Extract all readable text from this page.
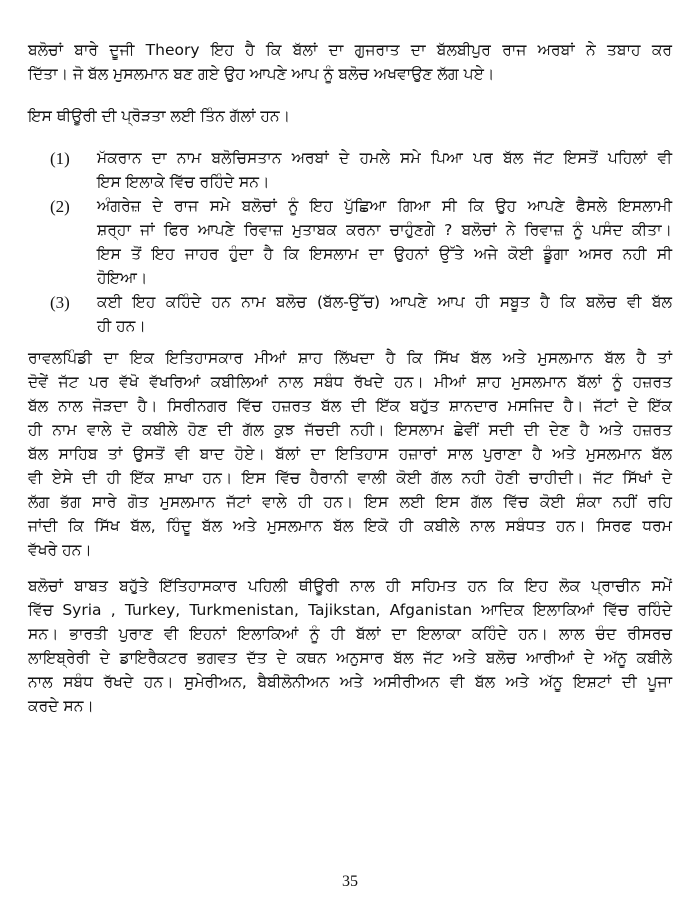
ਬਲੋਚਾਂ ਬਾਰੇ ਦੂਜੀ Theory ਇਹ ਹੈ ਕਿ ਬੱਲਾਂ ਦਾ ਗੁਜਰਾਤ ਦਾ ਬੱਲਬੀਪੁਰ ਰਾਜ ਅਰਬਾਂ ਨੇ ਤਬਾਹ ਕਰ
ਦਿੱਤਾ। ਜੋ ਬੱਲ ਮੁਸਲਮਾਨ ਬਣ ਗਏ ਉਹ ਆਪਣੇ ਆਪ ਨੂੰ ਬਲੋਚ ਅਖਵਾਉਣ ਲੱਗ ਪਏ।
ਇਸ ਥੀਊਰੀ ਦੀ ਪ੍ਰੋੜਤਾ ਲਈ ਤਿੰਨ ਗੱਲਾਂ ਹਨ।
(1) ਮੱਕਰਾਨ ਦਾ ਨਾਮ ਬਲੋਚਿਸਤਾਨ ਅਰਬਾਂ ਦੇ ਹਮਲੇ ਸਮੇ ਪਿਆ ਪਰ ਬੱਲ ਜੱਟ ਇਸਤੋਂ ਪਹਿਲਾਂ ਵੀ
ਇਸ ਇਲਾਕੇ ਵਿੱਚ ਰਹਿੰਦੇ ਸਨ।
(2) ਅੰਗਰੇਜ਼ ਦੇ ਰਾਜ ਸਮੇ ਬਲੋਚਾਂ ਨੂੰ ਇਹ ਪੁੱਛਿਆ ਗਿਆ ਸੀ ਕਿ ਉਹ ਆਪਣੇ ਫੈਸਲੇ ਇਸਲਾਮੀ
ਸ਼ਰ੍ਹਾ ਜਾਂ ਫਿਰ ਆਪਣੇ ਰਿਵਾਜ਼ ਮੁਤਾਬਕ ਕਰਨਾ ਚਾਹੁੰਣਗੇ ? ਬਲੋਚਾਂ ਨੇ ਰਿਵਾਜ਼ ਨੂੰ ਪਸੰਦ ਕੀਤਾ।
ਇਸ ਤੋਂ ਇਹ ਜਾਹਰ ਹੁੰਦਾ ਹੈ ਕਿ ਇਸਲਾਮ ਦਾ ਉਹਨਾਂ ਉੱਤੇ ਅਜੇ ਕੋਈ ਡੂੰਗਾ ਅਸਰ ਨਹੀ ਸੀ
ਹੋਇਆ।
(3) ਕਈ ਇਹ ਕਹਿੰਦੇ ਹਨ ਨਾਮ ਬਲੋਚ (ਬੱਲ-ਉੱਚ) ਆਪਣੇ ਆਪ ਹੀ ਸਬੂਤ ਹੈ ਕਿ ਬਲੋਚ ਵੀ ਬੱਲ
ਹੀ ਹਨ।
ਰਾਵਲਪਿੰਡੀ ਦਾ ਇਕ ਇਤਿਹਾਸਕਾਰ ਮੀਆਂ ਸ਼ਾਹ ਲਿੱਖਦਾ ਹੈ ਕਿ ਸਿੱਖ ਬੱਲ ਅਤੇ ਮੁਸਲਮਾਨ ਬੱਲ ਹੈ ਤਾਂ
ਦੋਵੇਂ ਜੱਟ ਪਰ ਵੱਖੋ ਵੱਖਰਿਆਂ ਕਬੀਲਿਆਂ ਨਾਲ ਸਬੰਧ ਰੱਖਦੇ ਹਨ। ਮੀਆਂ ਸ਼ਾਹ ਮੁਸਲਮਾਨ ਬੱਲਾਂ ਨੂੰ ਹਜ਼ਰਤ
ਬੱਲ ਨਾਲ ਜੋੜਦਾ ਹੈ। ਸਿਰੀਨਗਰ ਵਿੱਚ ਹਜ਼ਰਤ ਬੱਲ ਦੀ ਇੱਕ ਬਹੁੱਤ ਸ਼ਾਨਦਾਰ ਮਸਜਿਦ ਹੈ। ਜੱਟਾਂ ਦੇ ਇੱਕ
ਹੀ ਨਾਮ ਵਾਲੇ ਦੋ ਕਬੀਲੇ ਹੋਣ ਦੀ ਗੱਲ ਕੁਝ ਜੱਚਦੀ ਨਹੀ। ਇਸਲਾਮ ਛੇਵੀਂ ਸਦੀ ਦੀ ਦੇਣ ਹੈ ਅਤੇ ਹਜ਼ਰਤ
ਬੱਲ ਸਾਹਿਬ ਤਾਂ ਉਸਤੋਂ ਵੀ ਬਾਦ ਹੋਏ। ਬੱਲਾਂ ਦਾ ਇਤਿਹਾਸ ਹਜ਼ਾਰਾਂ ਸਾਲ ਪੁਰਾਣਾ ਹੈ ਅਤੇ ਮੁਸਲਮਾਨ ਬੱਲ
ਵੀ ਏਸੇ ਦੀ ਹੀ ਇੱਕ ਸ਼ਾਖਾ ਹਨ। ਇਸ ਵਿੱਚ ਹੈਰਾਨੀ ਵਾਲੀ ਕੋਈ ਗੱਲ ਨਹੀ ਹੋਣੀ ਚਾਹੀਦੀ। ਜੱਟ ਸਿੱਖਾਂ ਦੇ
ਲੱਗ ਭੱਗ ਸਾਰੇ ਗੋਤ ਮੁਸਲਮਾਨ ਜੱਟਾਂ ਵਾਲੇ ਹੀ ਹਨ। ਇਸ ਲਈ ਇਸ ਗੱਲ ਵਿੱਚ ਕੋਈ ਸ਼ੰਕਾ ਨਹੀਂ ਰਹਿ
ਜਾਂਦੀ ਕਿ ਸਿੱਖ ਬੱਲ, ਹਿੰਦੂ ਬੱਲ ਅਤੇ ਮੁਸਲਮਾਨ ਬੱਲ ਇਕੋ ਹੀ ਕਬੀਲੇ ਨਾਲ ਸਬੰਧਤ ਹਨ। ਸਿਰਫ ਧਰਮ
ਵੱਖਰੇ ਹਨ।
ਬਲੋਚਾਂ ਬਾਬਤ ਬਹੁੱਤੇ ਇੱਤਿਹਾਸਕਾਰ ਪਹਿਲੀ ਥੀਊਰੀ ਨਾਲ ਹੀ ਸਹਿਮਤ ਹਨ ਕਿ ਇਹ ਲੋਕ ਪ੍ਰਾਚੀਨ ਸਮੇਂ
ਵਿੱਚ Syria , Turkey, Turkmenistan, Tajikstan, Afganistan ਆਦਿਕ ਇਲਾਕਿਆਂ ਵਿੱਚ ਰਹਿੰਦੇ
ਸਨ। ਭਾਰਤੀ ਪੁਰਾਣ ਵੀ ਇਹਨਾਂ ਇਲਾਕਿਆਂ ਨੂੰ ਹੀ ਬੱਲਾਂ ਦਾ ਇਲਾਕਾ ਕਹਿੰਦੇ ਹਨ। ਲਾਲ ਚੰਦ ਰੀਸਰਚ
ਲਾਇਬ੍ਰੇਰੀ ਦੇ ਡਾਇਰੈਕਟਰ ਭਗਵਤ ਦੱਤ ਦੇ ਕਥਨ ਅਨੁਸਾਰ ਬੱਲ ਜੱਟ ਅਤੇ ਬਲੋਚ ਆਰੀਆਂ ਦੇ ਅੱਨੂ ਕਬੀਲੇ
ਨਾਲ ਸਬੰਧ ਰੱਖਦੇ ਹਨ। ਸੁਮੇਰੀਅਨ, ਬੈਬੀਲੋਨੀਅਨ ਅਤੇ ਅਸੀਰੀਅਨ ਵੀ ਬੱਲ ਅਤੇ ਅੱਨੂ ਇਸ਼ਟਾਂ ਦੀ ਪੂਜਾ
ਕਰਦੇ ਸਨ।
35
